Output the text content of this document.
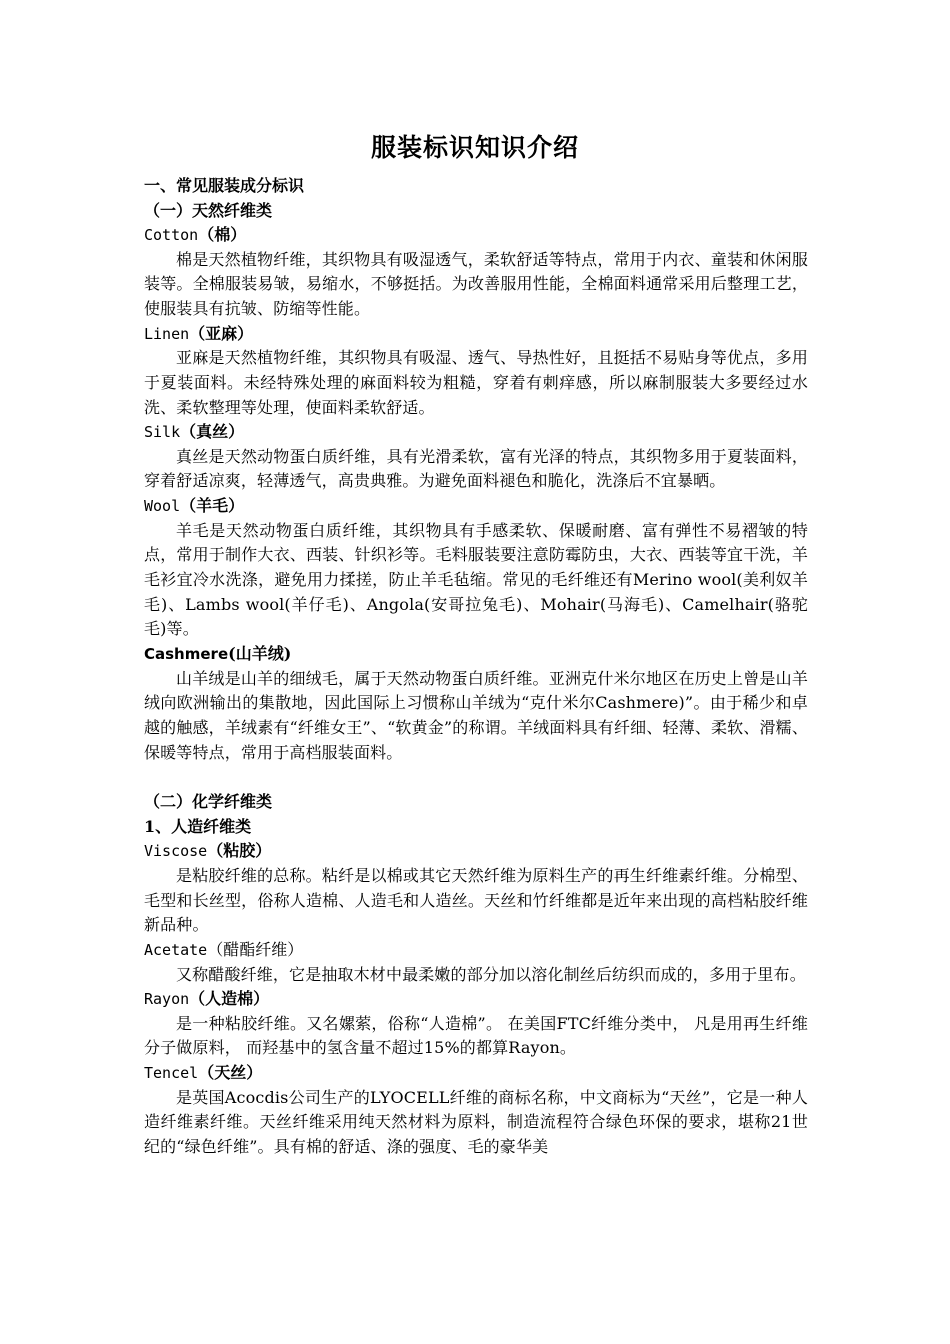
服装标识知识介绍

一、常见服装成分标识

（一）天然纤维类

Cotton（棉）

棉是天然植物纤维，其织物具有吸湿透气，柔软舒适等特点，常用于内衣、童装和休闲服装等。全棉服装易皱，易缩水，不够挺括。为改善服用性能，全棉面料通常采用后整理工艺，使服装具有抗皱、防缩等性能。

Linen（亚麻）

亚麻是天然植物纤维，其织物具有吸湿、透气、导热性好，且挺括不易贴身等优点，多用于夏装面料。未经特殊处理的麻面料较为粗糙，穿着有刺痒感，所以麻制服装大多要经过水洗、柔软整理等处理，使面料柔软舒适。

Silk（真丝）

真丝是天然动物蛋白质纤维，具有光滑柔软，富有光泽的特点，其织物多用于夏装面料，穿着舒适凉爽，轻薄透气，高贵典雅。为避免面料褪色和脆化，洗涤后不宜暴晒。

Wool（羊毛）

羊毛是天然动物蛋白质纤维，其织物具有手感柔软、保暖耐磨、富有弹性不易褶皱的特点，常用于制作大衣、西装、针织衫等。毛料服装要注意防霉防虫，大衣、西装等宜干洗，羊毛衫宜冷水洗涤，避免用力揉搓，防止羊毛毡缩。常见的毛纤维还有Merino wool(美利奴羊毛)、Lambs wool(羊仔毛)、Angola(安哥拉兔毛)、Mohair(马海毛)、Camelhair(骆驼毛)等。

Cashmere(山羊绒)

山羊绒是山羊的细绒毛，属于天然动物蛋白质纤维。亚洲克什米尔地区在历史上曾是山羊绒向欧洲输出的集散地，因此国际上习惯称山羊绒为“克什米尔Cashmere)”。由于稀少和卓越的触感，羊绒素有“纤维女王”、“软黄金”的称谓。羊绒面料具有纤细、轻薄、柔软、滑糯、保暖等特点，常用于高档服装面料。

（二）化学纤维类

1、人造纤维类

Viscose（粘胶）

是粘胶纤维的总称。粘纤是以棉或其它天然纤维为原料生产的再生纤维素纤维。分棉型、毛型和长丝型，俗称人造棉、人造毛和人造丝。天丝和竹纤维都是近年来出现的高档粘胶纤维新品种。

Acetate（醋酯纤维）

又称醋酸纤维，它是抽取木材中最柔嫩的部分加以溶化制丝后纺织而成的，多用于里布。

Rayon（人造棉）

是一种粘胶纤维。又名嫘萦，俗称“人造棉”。 在美国FTC纤维分类中， 凡是用再生纤维分子做原料， 而羟基中的氢含量不超过15%的都算Rayon。

Tencel（天丝）

是英国Acocdis公司生产的LYOCELL纤维的商标名称，中文商标为“天丝”，它是一种人造纤维素纤维。天丝纤维采用纯天然材料为原料，制造流程符合绿色环保的要求，堪称21世纪的“绿色纤维”。具有棉的舒适、涤的强度、毛的豪华美
